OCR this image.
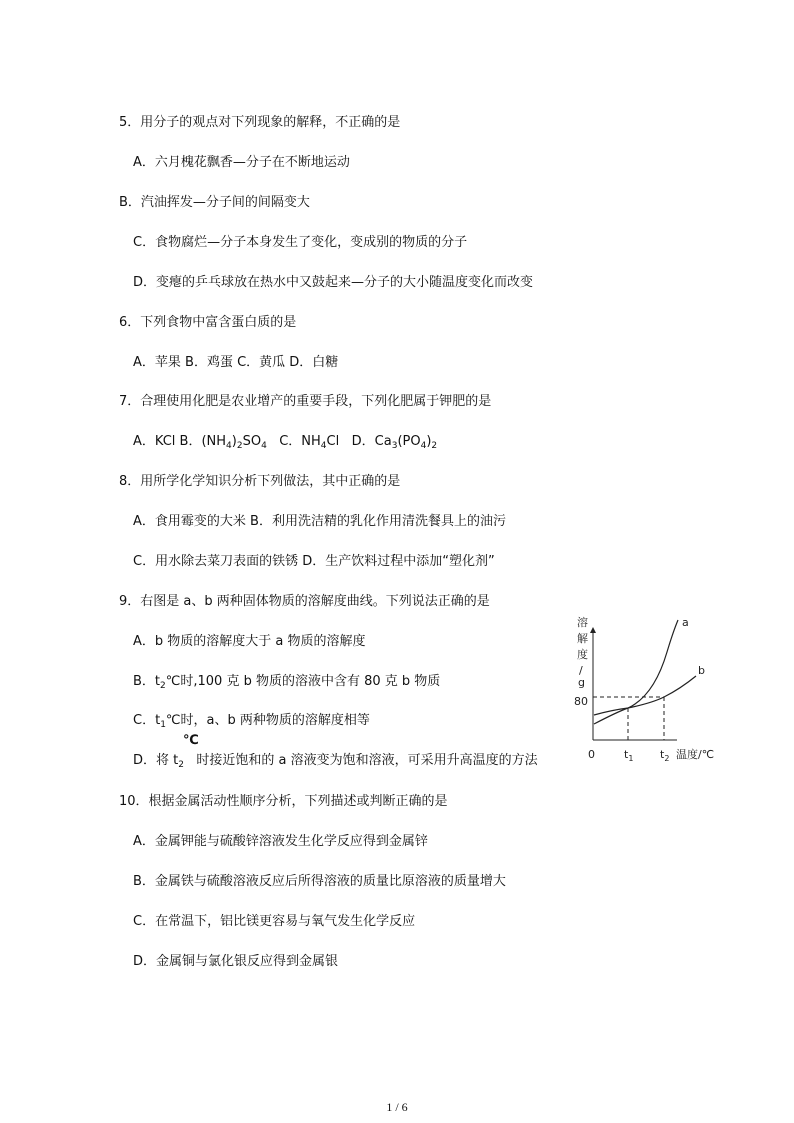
5．用分子的观点对下列现象的解释，不正确的是
A．六月槐花飘香—分子在不断地运动
B．汽油挥发—分子间的间隔变大
C．食物腐烂—分子本身发生了变化，变成别的物质的分子
D．变瘪的乒乓球放在热水中又鼓起来—分子的大小随温度变化而改变
6．下列食物中富含蛋白质的是
A．苹果 B．鸡蛋 C．黄瓜 D．白糖
7．合理使用化肥是农业增产的重要手段，下列化肥属于钾肥的是
A．KCl B．$(NH_4)_2SO_4$ C．$NH_4Cl$ D．$Ca_3(PO_4)_2$
8．用所学化学知识分析下列做法，其中正确的是
A．食用霉变的大米 B．利用洗洁精的乳化作用清洗餐具上的油污
C．用水除去菜刀表面的铁锈 D．生产饮料过程中添加“塑化剂”
9．右图是 a、b 两种固体物质的溶解度曲线。下列说法正确的是
A．b 物质的溶解度大于 a 物质的溶解度
B．$t_2℃$时,100 克 b 物质的溶液中含有 80 克 b 物质
C．$t_1℃$时，a、b 两种物质的溶解度相等
℃
D．将 $t_2$ 时接近饱和的 a 溶液变为饱和溶液，可采用升高温度的方法
溶
解
度
/
g
80
0	$t_1$ $t_2$ 温度/℃
a
b
10．根据金属活动性顺序分析，下列描述或判断正确的是
A．金属钾能与硫酸锌溶液发生化学反应得到金属锌
B．金属铁与硫酸溶液反应后所得溶液的质量比原溶液的质量增大
C．在常温下，铝比镁更容易与氧气发生化学反应
D．金属铜与氯化银反应得到金属银
1 / 6
